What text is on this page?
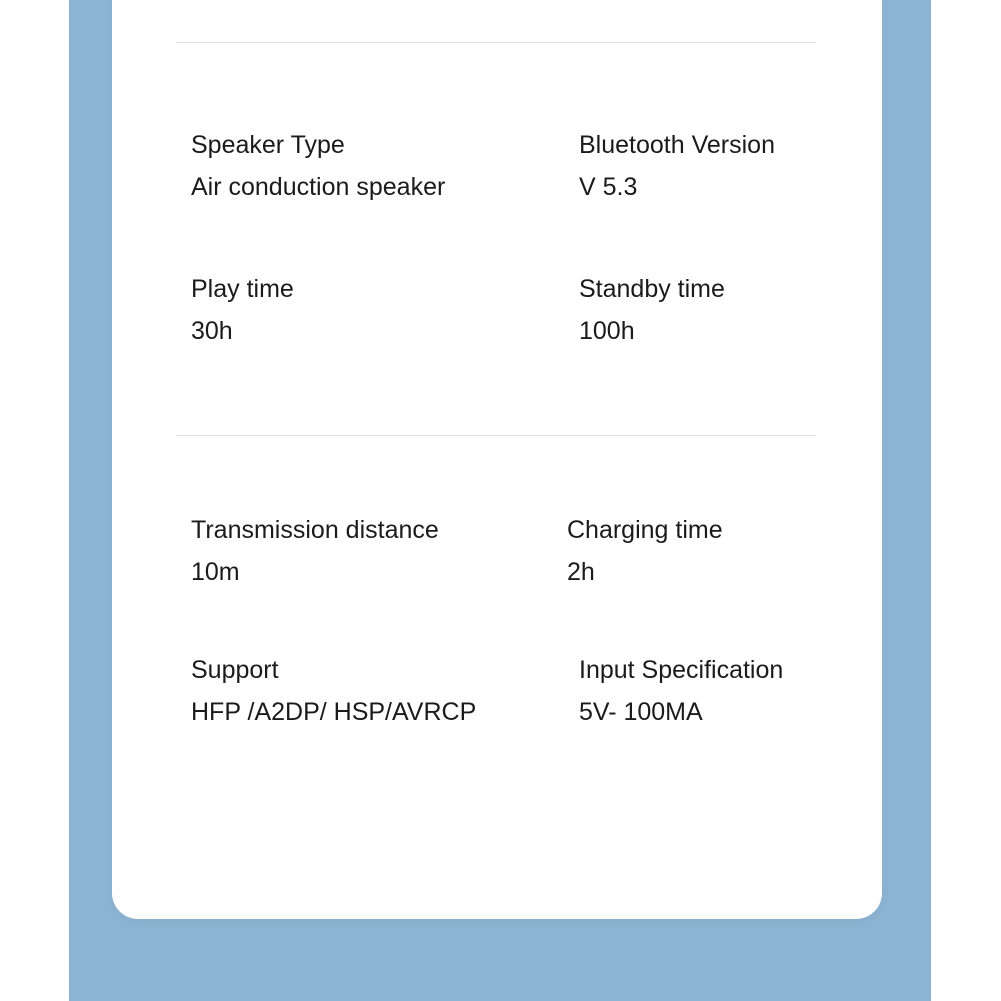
Speaker Type
Air conduction speaker
Bluetooth Version
V 5.3
Play time
30h
Standby time
100h
Transmission distance
10m
Charging time
2h
Support
HFP /A2DP/ HSP/AVRCP
Input Specification
5V- 100MA
